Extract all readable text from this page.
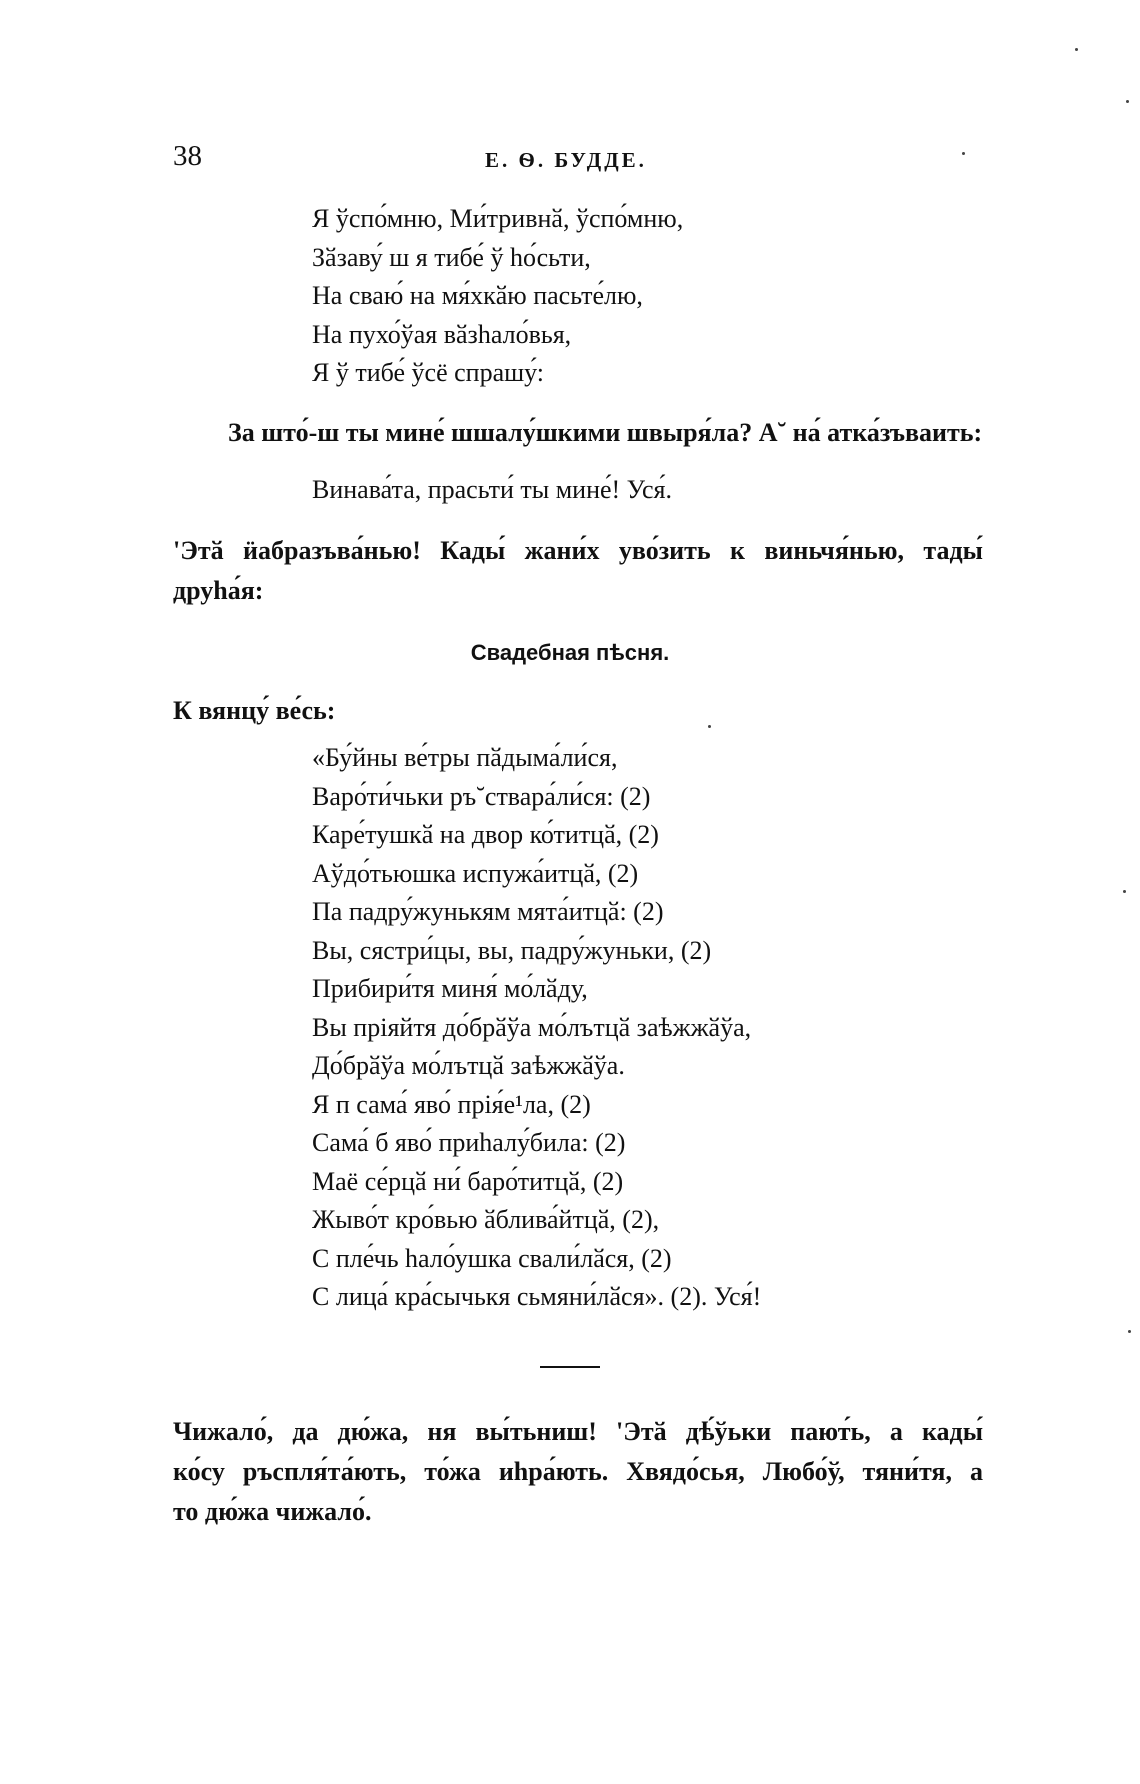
38	Е. Ѳ. БУДДЕ.
Я ўспо́мню, Ми́тривнӑ, ўспо́мню,
Зӑзаву́ ш я тибе́ ў hо́сьти,
На сваю́ на мя́хкӑю пасьте́лю,
На пухо́ўая вӑзhало́вья,
Я ў тибе́ ўсё спрашу́:
За што́-ш ты мине́ шшалу́шкими швыря́ла? А˘ на́ атка́зъваить:
Винава́та, прасьти́ ты мине́! Уся́.
'Этӑ ӥабразъва́нью! Кады́ жани́х уво́зить к виньчя́нью, тады́
друhа́я:
Свадебная пѣсня.
К вянцу́ ве́сь:
«Бу́йны ве́тры пӑдыма́ли́ся,
Варо́ти́чьки ръ˘ствара́ли́ся: (2)
Каре́тушкӑ на двор ко́титцӑ, (2)
Аўдо́тьюшка испужа́итцӑ, (2)
Па падру́жунькям мята́итцӑ: (2)
Вы, сястри́цы, вы, падру́жуньки, (2)
Прибири́тя миня́ мо́лӑду,
Вы пріяйтя до́брӑўа мо́лътцӑ заѣжжӑўа,
До́брӑўа мо́лътцӑ заѣжжӑўа.
Я п сама́ яво́ прія́е¹ла, (2)
Сама́ б яво́ приhалу́била: (2)
Маё се́рцӑ ни́ баро́титцӑ, (2)
Жыво́т кро́вью ӑблива́йтцӑ, (2),
С пле́чь hало́ушка свали́лӑся, (2)
С лица́ кра́сычькя сьмяни́лӑся». (2). Уся́!
Чижало́, да дю́жа, ня вы́тьниш! 'Этӑ дѣ́ўьки пают́ь, а кады́
ко́су ръспля́та́ють, то́жа иhра́ють. Хвядо́сья, Любо́ў, тяни́тя, а
то дю́жа чижало́.
